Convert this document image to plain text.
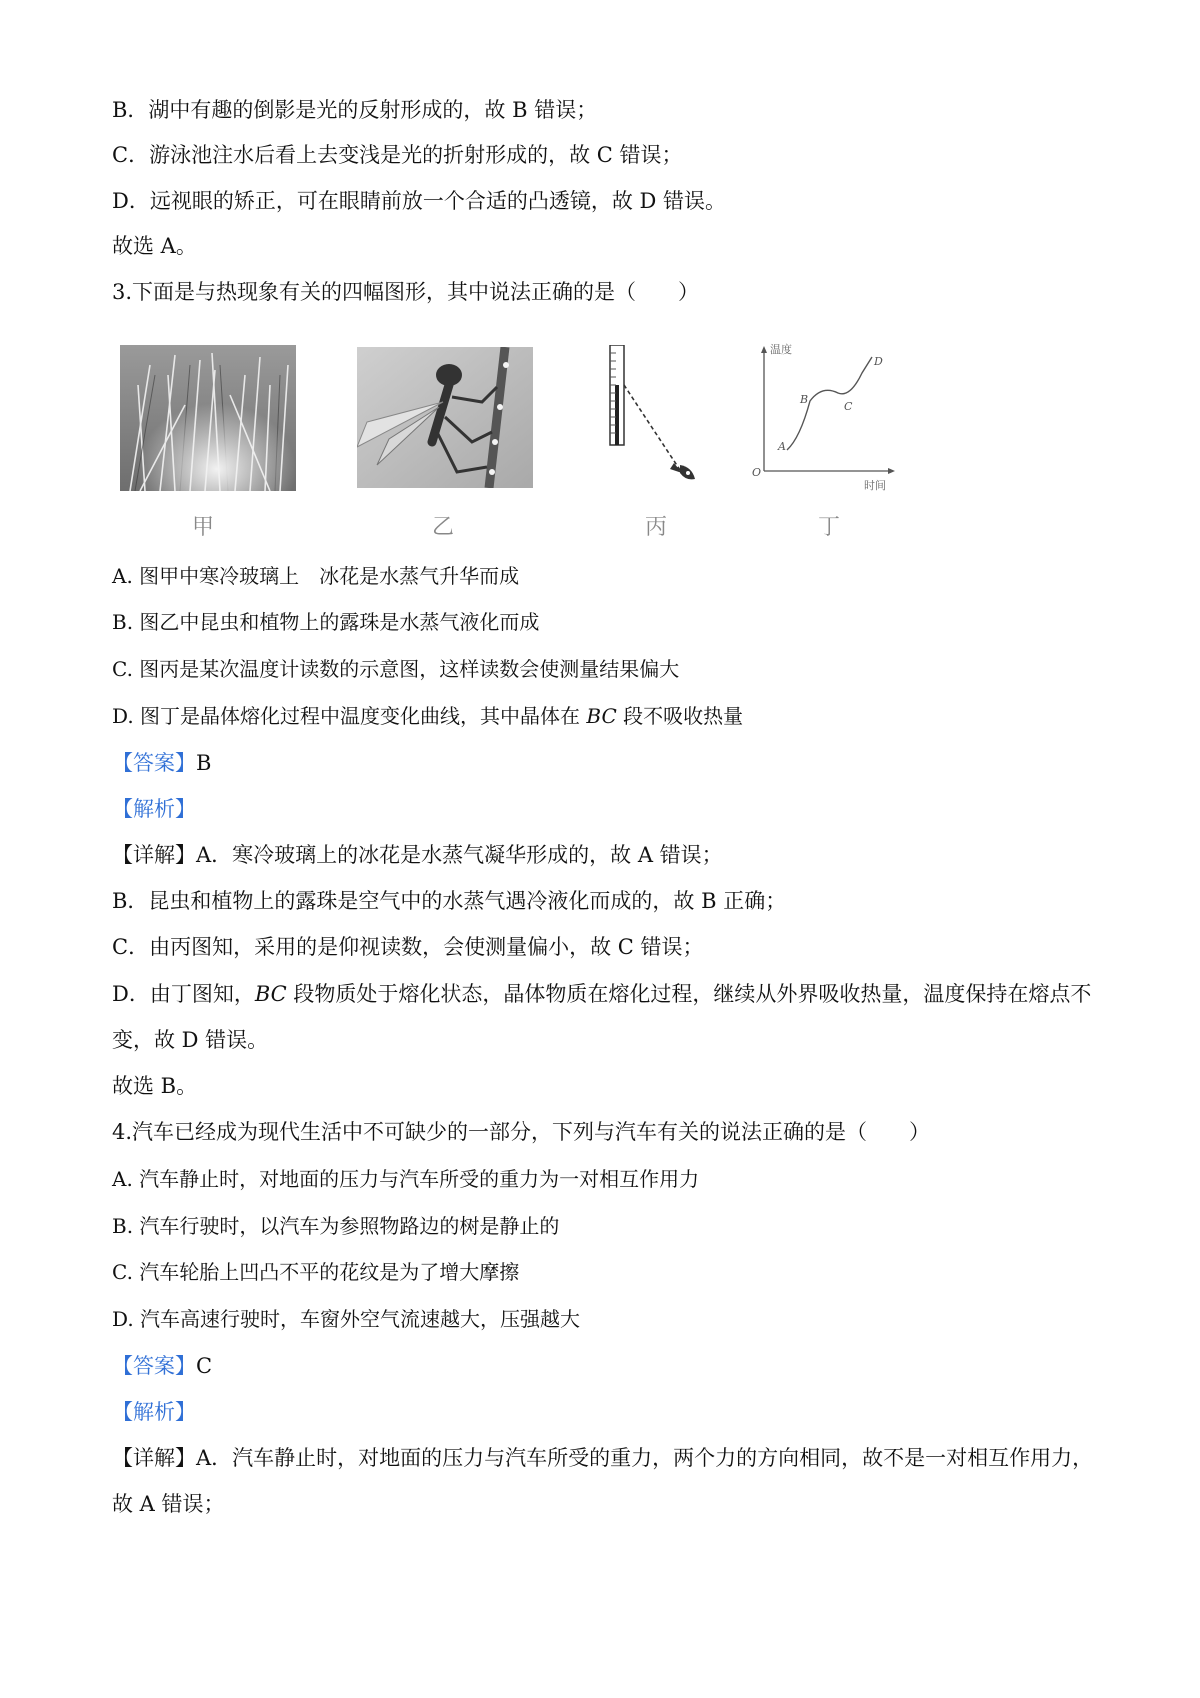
B．湖中有趣的倒影是光的反射形成的，故 B 错误；
C．游泳池注水后看上去变浅是光的折射形成的，故 C 错误；
D．远视眼的矫正，可在眼睛前放一个合适的凸透镜，故 D 错误。
故选 A。
3.下面是与热现象有关的四幅图形，其中说法正确的是（　　）
温度
时间
O
A
B
C
D
甲	乙	丙	丁
A. 图甲中寒冷玻璃上　冰花是水蒸气升华而成
B. 图乙中昆虫和植物上的露珠是水蒸气液化而成
C. 图丙是某次温度计读数的示意图，这样读数会使测量结果偏大
D. 图丁是晶体熔化过程中温度变化曲线，其中晶体在 BC 段不吸收热量
【答案】B
【解析】
【详解】A．寒冷玻璃上的冰花是水蒸气凝华形成的，故 A 错误；
B．昆虫和植物上的露珠是空气中的水蒸气遇冷液化而成的，故 B 正确；
C．由丙图知，采用的是仰视读数，会使测量偏小，故 C 错误；
D．由丁图知，BC 段物质处于熔化状态，晶体物质在熔化过程，继续从外界吸收热量，温度保持在熔点不
变，故 D 错误。
故选 B。
4.汽车已经成为现代生活中不可缺少的一部分，下列与汽车有关的说法正确的是（　　）
A. 汽车静止时，对地面的压力与汽车所受的重力为一对相互作用力
B. 汽车行驶时，以汽车为参照物路边的树是静止的
C. 汽车轮胎上凹凸不平的花纹是为了增大摩擦
D. 汽车高速行驶时，车窗外空气流速越大，压强越大
【答案】C
【解析】
【详解】A．汽车静止时，对地面的压力与汽车所受的重力，两个力的方向相同，故不是一对相互作用力，
故 A 错误；
